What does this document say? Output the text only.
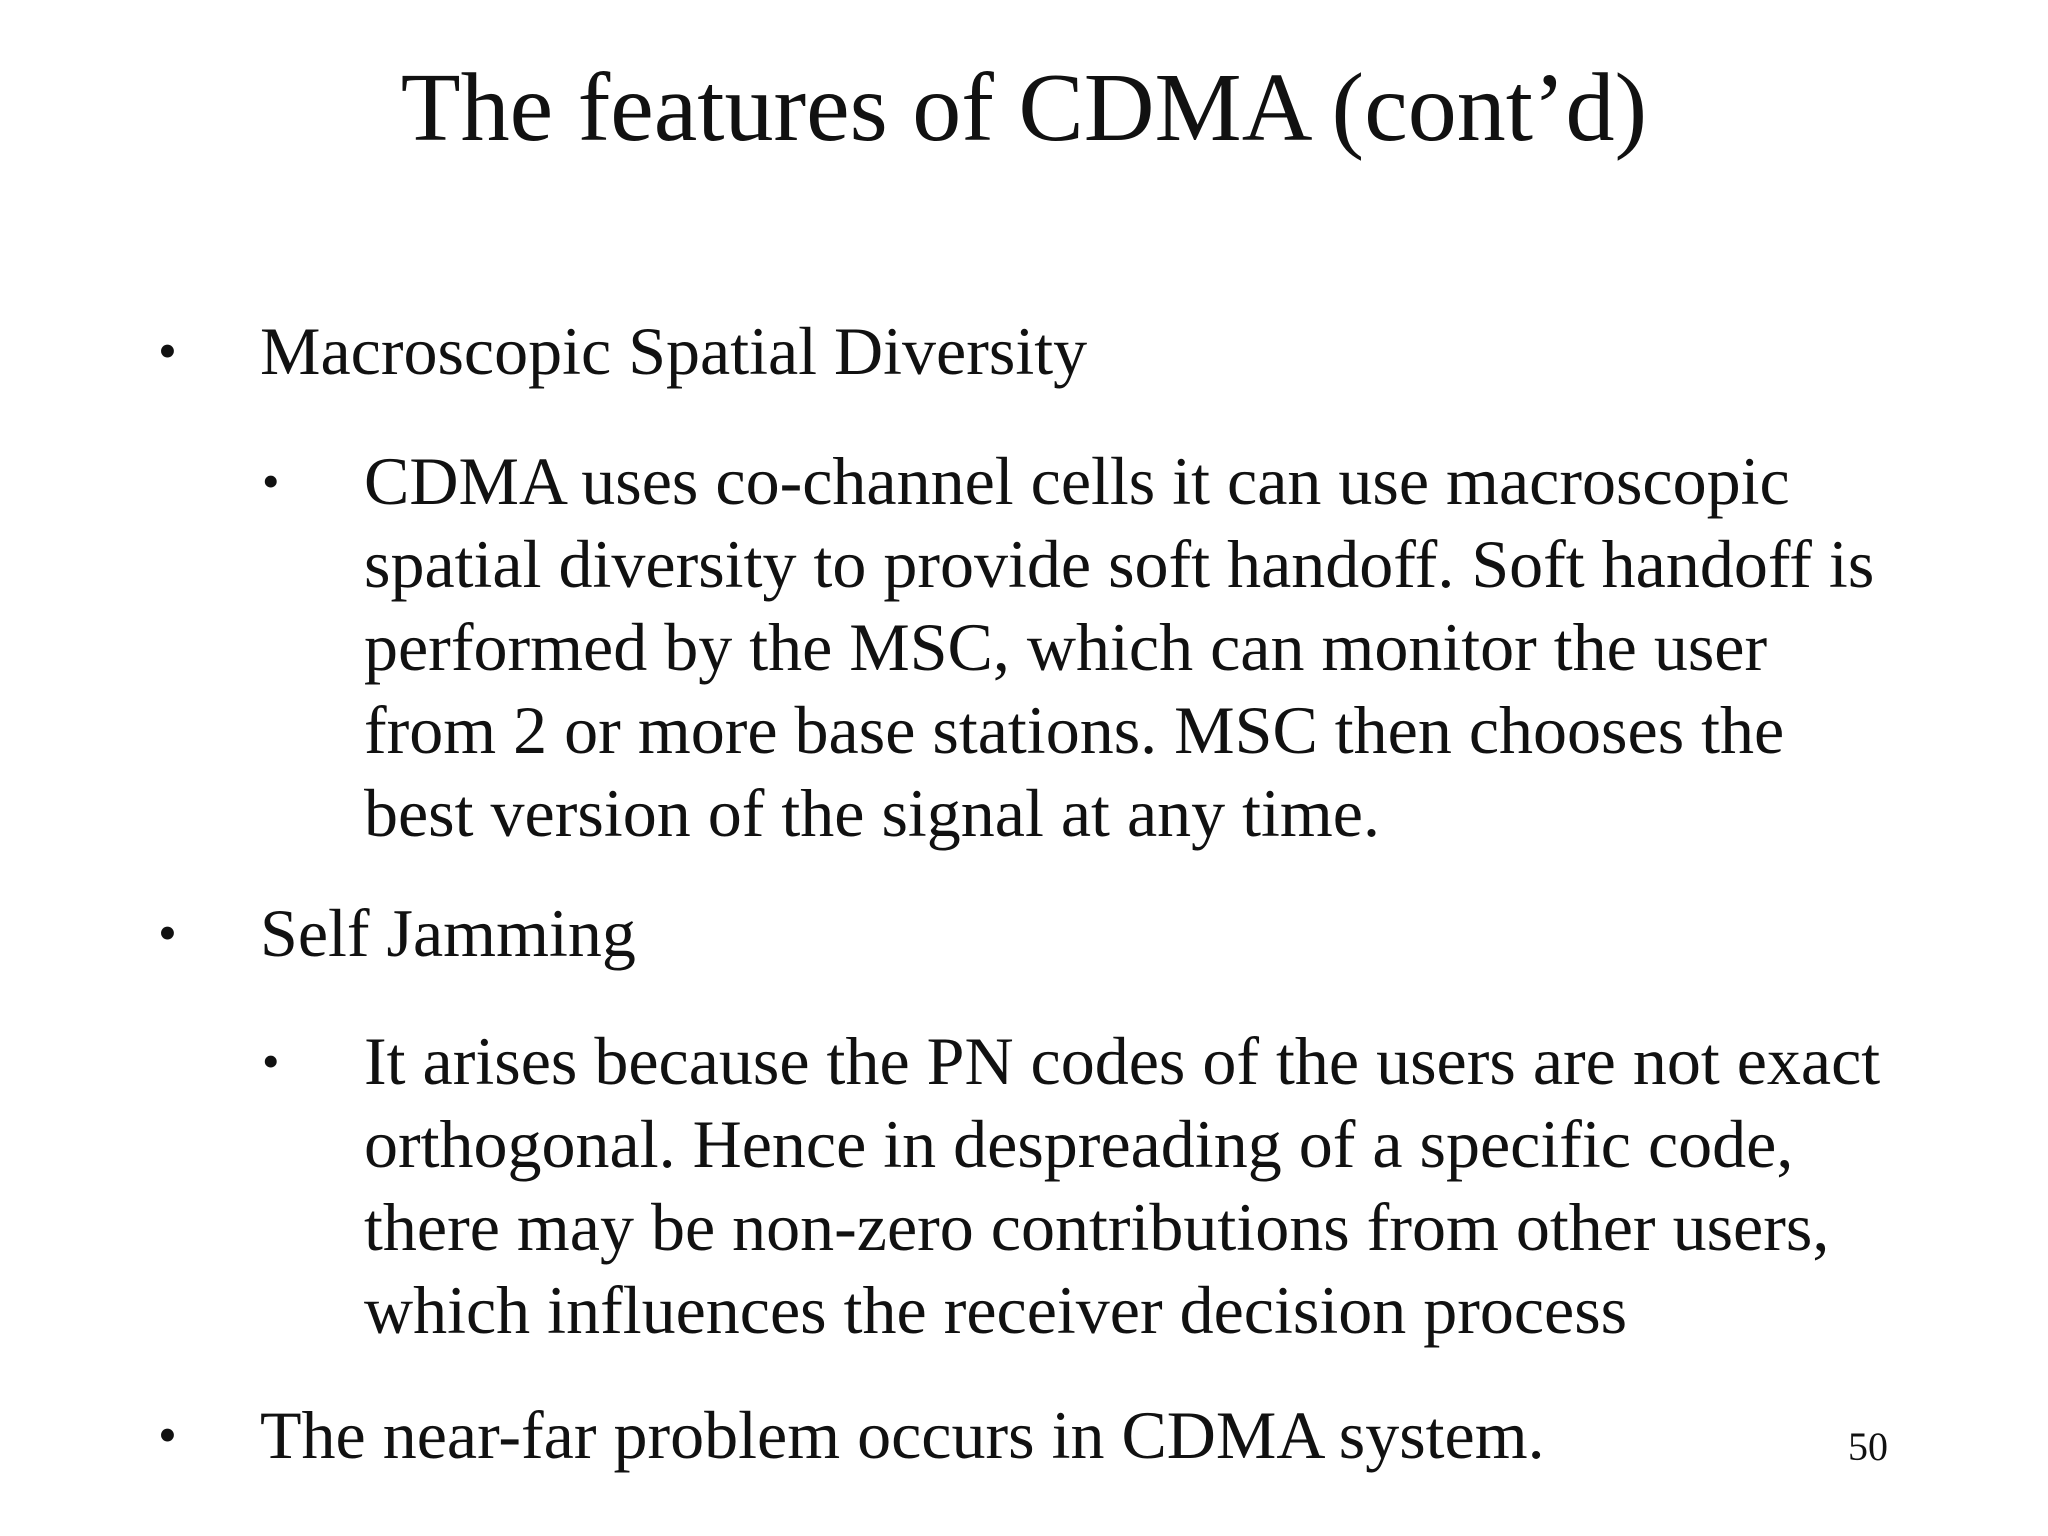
The features of CDMA (cont’d)
• Macroscopic Spatial Diversity
• CDMA uses co-channel cells it can use macroscopic
spatial diversity to provide soft handoff. Soft handoff is
performed by the MSC, which can monitor the user
from 2 or more base stations. MSC then chooses the
best version of the signal at any time.
• Self Jamming
• It arises because the PN codes of the users are not exact
orthogonal. Hence in despreading of a specific code,
there may be non-zero contributions from other users,
which influences the receiver decision process
• The near-far problem occurs in CDMA system.	50
